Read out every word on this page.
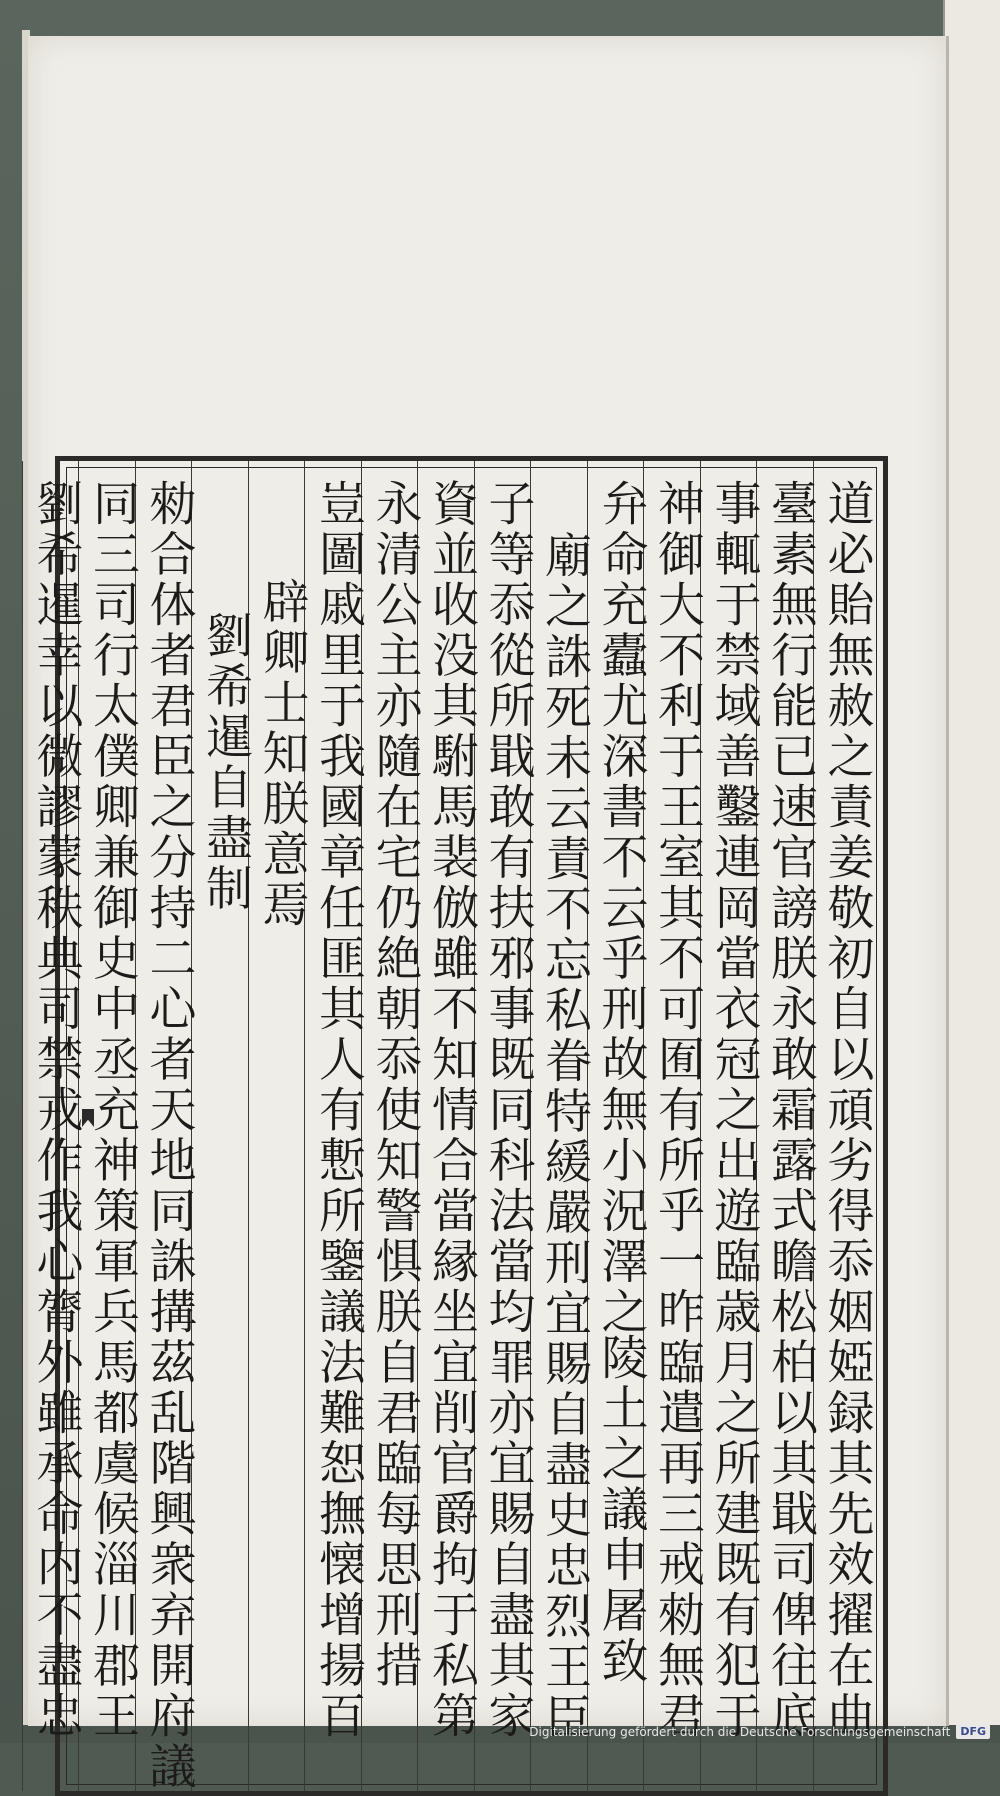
道必貽無赦之責姜敬初自以頑劣得忝姻婭録其先效擢在曲
臺素無行能已速官謗朕永敢霜露式瞻松柏以其戢司俾往底
事輒于禁域善鑿連岡當衣冠之出遊臨歳月之所建既有犯于
神御大不利于王室其不可囿有所乎一昨臨遣再三戒勑無君
弁命充蠹尤深書不云乎刑故無小況澤之
廟之誅死未云責不忘私眷特緩嚴刑宜賜自盡史忠烈王臣
子等忝從所戢敢有扶邪事既同科法當均罪亦宜賜自盡其家
資並收没其駙馬裴倣雖不知情合當縁坐宜削官爵拘于私第
永清公主亦隨在宅仍絶朝忝使知警惧朕自君臨每思刑措
豈圖戚里于我國章任匪其人有慙所鑒議法難恕撫懐增揚百
辟卿士知朕意焉
劉希暹自盡制
勑合体者君臣之分持二心者天地同誅搆茲乱階興衆弃開府議
同三司行太僕卿兼御史中丞充神策軍兵馬都虞候淄川郡王
劉希暹幸以微謬蒙秩典司禁戎作我心膂外雖承命内不盡忠	陵土之議申屠致
Digitalisierung gefördert durch die Deutsche Forschungsgemeinschaft DFG
